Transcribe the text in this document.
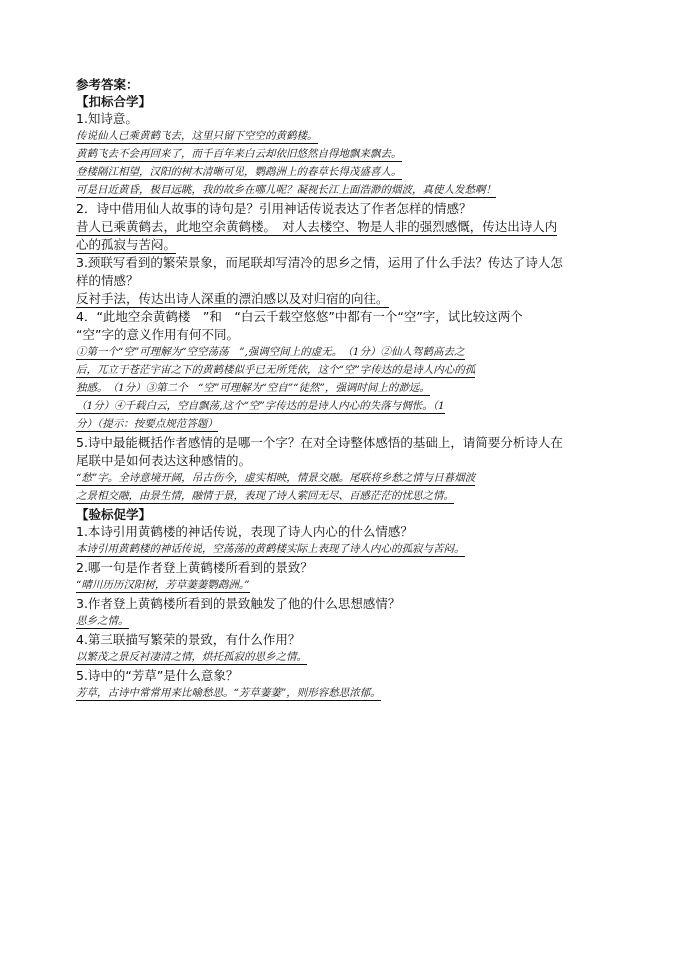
参考答案：

【扣标合学】

1.知诗意。

传说仙人已乘黄鹤飞去，这里只留下空空的黄鹤楼。

黄鹤飞去不会再回来了，而千百年来白云却依旧悠然自得地飘来飘去。

登楼隔江相望，汉阳的树木清晰可见，鹦鹉洲上的春草长得茂盛喜人。

可是日近黄昏，极目远眺，我的故乡在哪儿呢？凝视长江上面浩渺的烟波，真使人发愁啊！

2．诗中借用仙人故事的诗句是？引用神话传说表达了作者怎样的情感？

昔人已乘黄鹤去，此地空余黄鹤楼。　对人去楼空、物是人非的强烈感慨，传达出诗人内

心的孤寂与苦闷。

3.颈联写看到的繁荣景象，而尾联却写清冷的思乡之情，运用了什么手法？传达了诗人怎

样的情感？

反衬手法，传达出诗人深重的漂泊感以及对归宿的向往。

4．“此地空余黄鹤楼　”和　“白云千载空悠悠”中都有一个“空”字，试比较这两个

“空”字的意义作用有何不同。

①第一个“空”可理解为“空空荡荡　”,强调空间上的虚无。　（1分）②仙人驾鹤高去之

后，兀立于苍茫宇宙之下的黄鹤楼似乎已无所凭依，这个“空”字传达的是诗人内心的孤

独感。　（1分）③第二个　“空”可理解为“空自”“徒然”，强调时间上的渺远。

（1分）④千载白云，空自飘荡,这个“空”字传达的是诗人内心的失落与惆怅。（1

分）（提示：按要点规范答题）

5.诗中最能概括作者感情的是哪一个字？在对全诗整体感悟的基础上，请简要分析诗人在

尾联中是如何表达这种感情的。

“愁”字。全诗意境开阔，吊古伤今，虚实相映，情景交融。尾联将乡愁之情与日暮烟波

之景相交融，由景生情，融情于景，表现了诗人萦回无尽、百感茫茫的忧思之情。

【验标促学】

1.本诗引用黄鹤楼的神话传说，表现了诗人内心的什么情感？

本诗引用黄鹤楼的神话传说，空荡荡的黄鹤楼实际上表现了诗人内心的孤寂与苦闷。

2.哪一句是作者登上黄鹤楼所看到的景致？

“晴川历历汉阳树，芳草萋萋鹦鹉洲。”

3.作者登上黄鹤楼所看到的景致触发了他的什么思想感情？

思乡之情。

4.第三联描写繁荣的景致，有什么作用？

以繁茂之景反衬凄清之情，烘托孤寂的思乡之情。

5.诗中的“芳草”是什么意象？

芳草，古诗中常常用来比喻愁思。“芳草萋萋”，则形容愁思浓郁。
